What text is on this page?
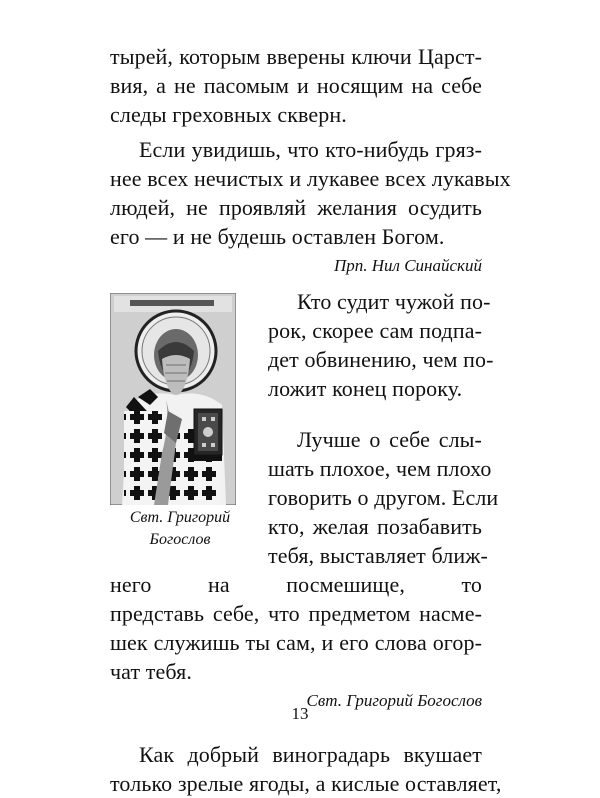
тырей, которым вверены ключи Царст-

вия, а не пасомым и носящим на себе

следы греховных скверн.

Если увидишь, что кто-нибудь гряз-

нее всех нечистых и лукавее всех лукавых

людей, не проявляй желания осудить

его — и не будешь оставлен Богом.

Прп. Нил Синайский

Свт. Григорий
Богослов

Кто судит чужой по-

рок, скорее сам подпа-

дет обвинению, чем по-

ложит конец пороку.

Лучше о себе слы-

шать плохое, чем плохо

говорить о другом. Если

кто, желая позабавить

тебя, выставляет ближ-

него на посмешище, то

представь себе, что предметом насме-

шек служишь ты сам, и его слова огор-

чат тебя.

Свт. Григорий Богослов

Как добрый виноградарь вкушает

только зрелые ягоды, а кислые оставляет,

13
